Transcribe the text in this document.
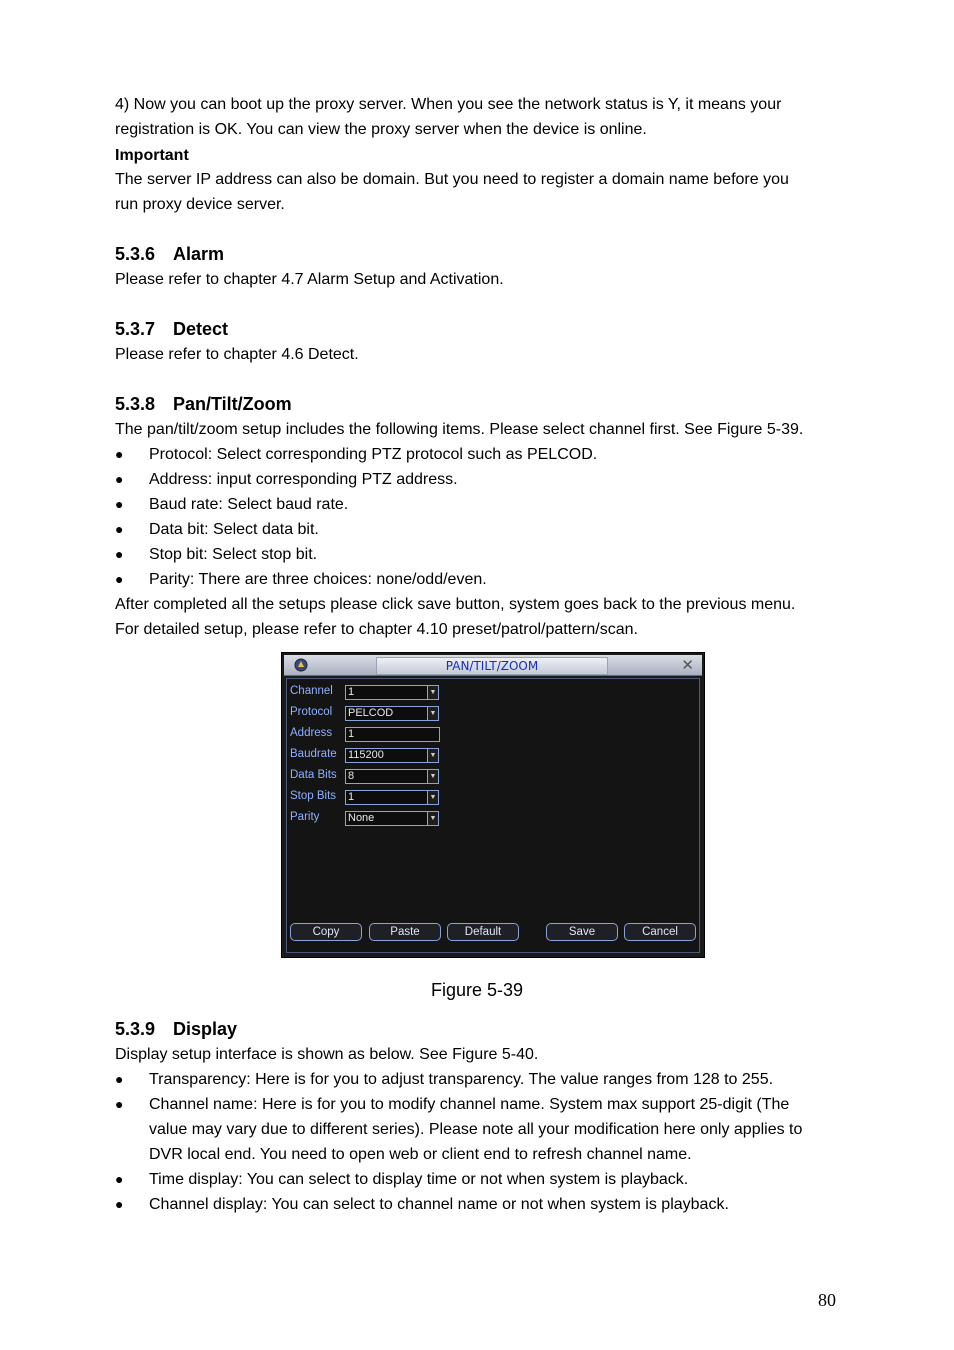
4) Now you can boot up the proxy server. When you see the network status is Y, it means your
registration is OK. You can view the proxy server when the device is online.
Important
The server IP address can also be domain. But you need to register a domain name before you
run proxy device server.
5.3.6 Alarm
Please refer to chapter 4.7 Alarm Setup and Activation.
5.3.7 Detect
Please refer to chapter 4.6 Detect.
5.3.8 Pan/Tilt/Zoom
The pan/tilt/zoom setup includes the following items. Please select channel first. See Figure 5-39.
● Protocol: Select corresponding PTZ protocol such as PELCOD.
● Address: input corresponding PTZ address.
● Baud rate: Select baud rate.
● Data bit: Select data bit.
● Stop bit: Select stop bit.
● Parity: There are three choices: none/odd/even.
After completed all the setups please click save button, system goes back to the previous menu.
For detailed setup, please refer to chapter 4.10 preset/patrol/pattern/scan.
PAN/TILT/ZOOM	✕
Channel 1	▼
Protocol PELCOD	▼
Address 1
Baudrate 115200	▼
Data Bits 8	▼
Stop Bits 1	▼
Parity	None	▼
Copy	Paste	Default	Save	Cancel
Figure 5-39
5.3.9 Display
Display setup interface is shown as below. See Figure 5-40.
● Transparency: Here is for you to adjust transparency. The value ranges from 128 to 255.
● Channel name: Here is for you to modify channel name. System max support 25-digit (The
value may vary due to different series). Please note all your modification here only applies to
DVR local end. You need to open web or client end to refresh channel name.
● Time display: You can select to display time or not when system is playback.
● Channel display: You can select to channel name or not when system is playback.
80
